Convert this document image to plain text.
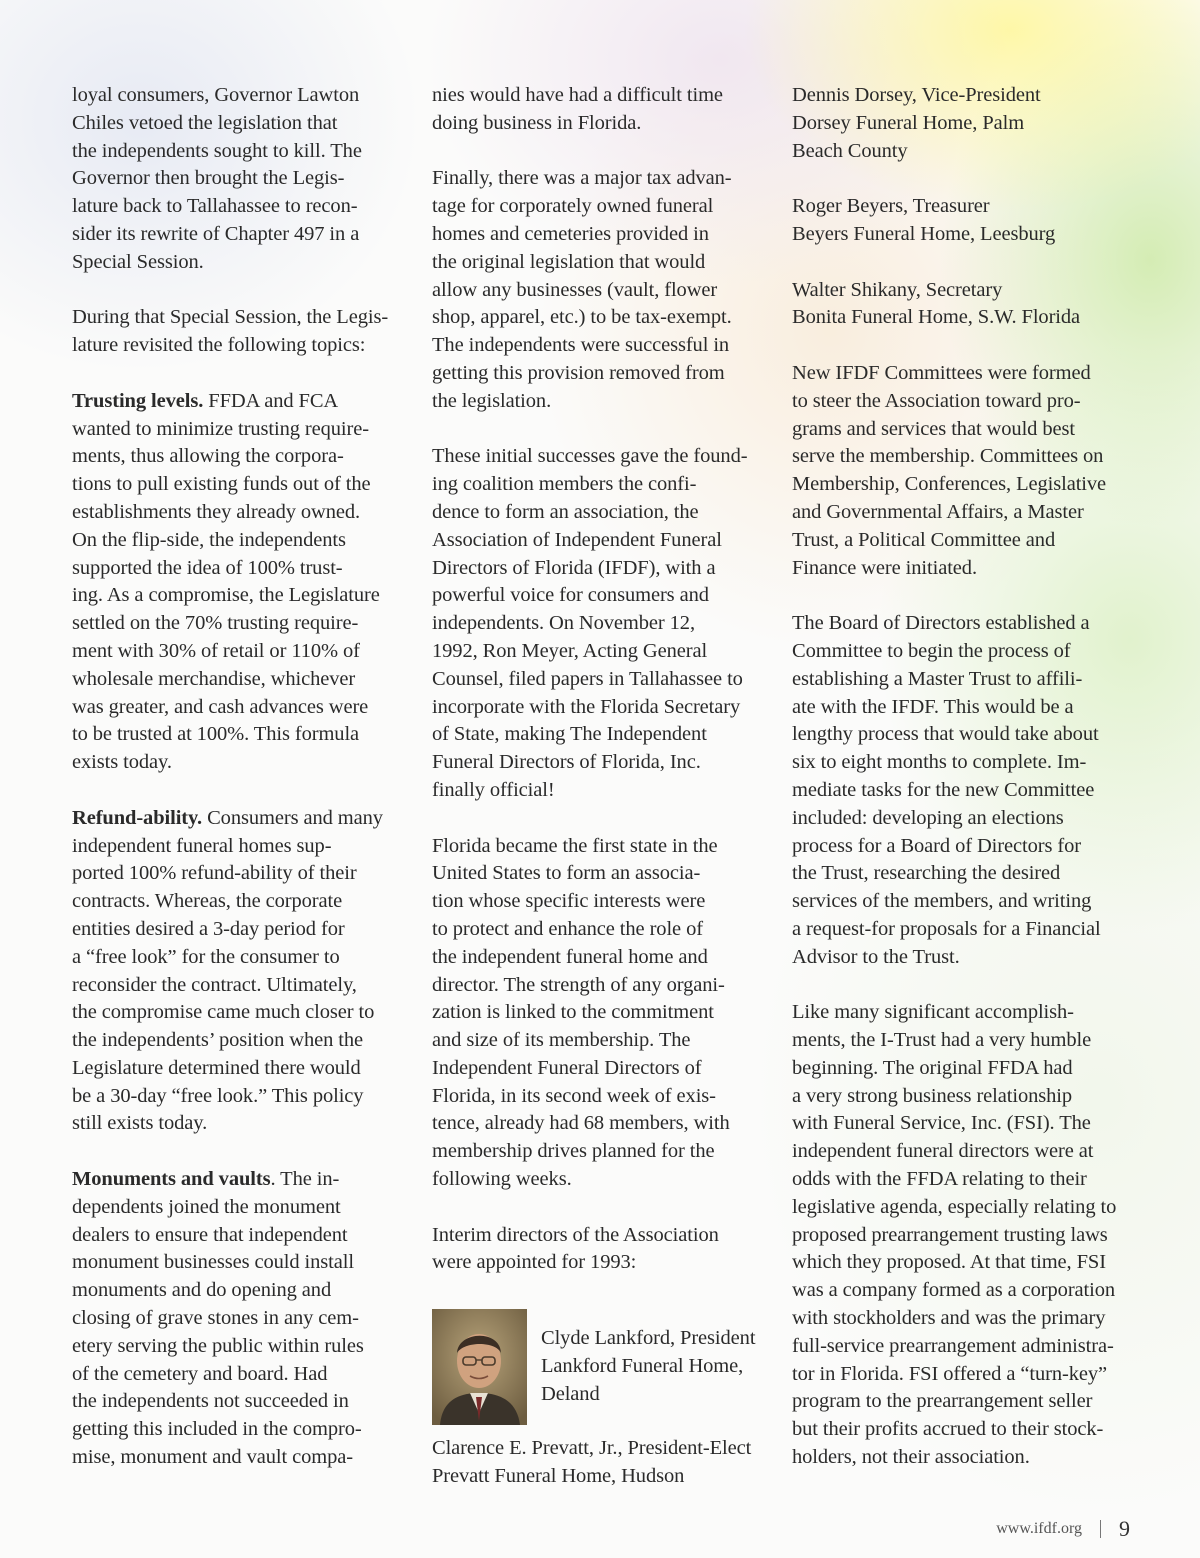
loyal consumers, Governor Lawton
Chiles vetoed the legislation that
the independents sought to kill. The
Governor then brought the Legis-
lature back to Tallahassee to recon-
sider its rewrite of Chapter 497 in a
Special Session.

During that Special Session, the Legis-
lature revisited the following topics:

Trusting levels. FFDA and FCA
wanted to minimize trusting require-
ments, thus allowing the corpora-
tions to pull existing funds out of the
establishments they already owned.
On the flip-side, the independents
supported the idea of 100% trust-
ing. As a compromise, the Legislature
settled on the 70% trusting require-
ment with 30% of retail or 110% of
wholesale merchandise, whichever
was greater, and cash advances were
to be trusted at 100%. This formula
exists today.

Refund-ability. Consumers and many
independent funeral homes sup-
ported 100% refund-ability of their
contracts. Whereas, the corporate
entities desired a 3-day period for
a “free look” for the consumer to
reconsider the contract. Ultimately,
the compromise came much closer to
the independents’ position when the
Legislature determined there would
be a 30-day “free look.” This policy
still exists today.

Monuments and vaults. The in-
dependents joined the monument
dealers to ensure that independent
monument businesses could install
monuments and do opening and
closing of grave stones in any cem-
etery serving the public within rules
of the cemetery and board. Had
the independents not succeeded in
getting this included in the compro-
mise, monument and vault compa-

nies would have had a difficult time
doing business in Florida.

Finally, there was a major tax advan-
tage for corporately owned funeral
homes and cemeteries provided in
the original legislation that would
allow any businesses (vault, flower
shop, apparel, etc.) to be tax-exempt.
The independents were successful in
getting this provision removed from
the legislation.

These initial successes gave the found-
ing coalition members the confi-
dence to form an association, the
Association of Independent Funeral
Directors of Florida (IFDF), with a
powerful voice for consumers and
independents. On November 12,
1992, Ron Meyer, Acting General
Counsel, filed papers in Tallahassee to
incorporate with the Florida Secretary
of State, making The Independent
Funeral Directors of Florida, Inc.
finally official!

Florida became the first state in the
United States to form an associa-
tion whose specific interests were
to protect and enhance the role of
the independent funeral home and
director. The strength of any organi-
zation is linked to the commitment
and size of its membership. The
Independent Funeral Directors of
Florida, in its second week of exis-
tence, already had 68 members, with
membership drives planned for the
following weeks.

Interim directors of the Association
were appointed for 1993:

Clyde Lankford, President
Lankford Funeral Home,
Deland

Clarence E. Prevatt, Jr., President-Elect
Prevatt Funeral Home, Hudson

Dennis Dorsey, Vice-President
Dorsey Funeral Home, Palm
Beach County

Roger Beyers, Treasurer
Beyers Funeral Home, Leesburg

Walter Shikany, Secretary
Bonita Funeral Home, S.W. Florida

New IFDF Committees were formed
to steer the Association toward pro-
grams and services that would best
serve the membership. Committees on
Membership, Conferences, Legislative
and Governmental Affairs, a Master
Trust, a Political Committee and
Finance were initiated.

The Board of Directors established a
Committee to begin the process of
establishing a Master Trust to affili-
ate with the IFDF. This would be a
lengthy process that would take about
six to eight months to complete. Im-
mediate tasks for the new Committee
included: developing an elections
process for a Board of Directors for
the Trust, researching the desired
services of the members, and writing
a request-for proposals for a Financial
Advisor to the Trust.

Like many significant accomplish-
ments, the I-Trust had a very humble
beginning. The original FFDA had
a very strong business relationship
with Funeral Service, Inc. (FSI). The
independent funeral directors were at
odds with the FFDA relating to their
legislative agenda, especially relating to
proposed prearrangement trusting laws
which they proposed. At that time, FSI
was a company formed as a corporation
with stockholders and was the primary
full-service prearrangement administra-
tor in Florida. FSI offered a “turn-key”
program to the prearrangement seller
but their profits accrued to their stock-
holders, not their association.

www.ifdf.org 9
